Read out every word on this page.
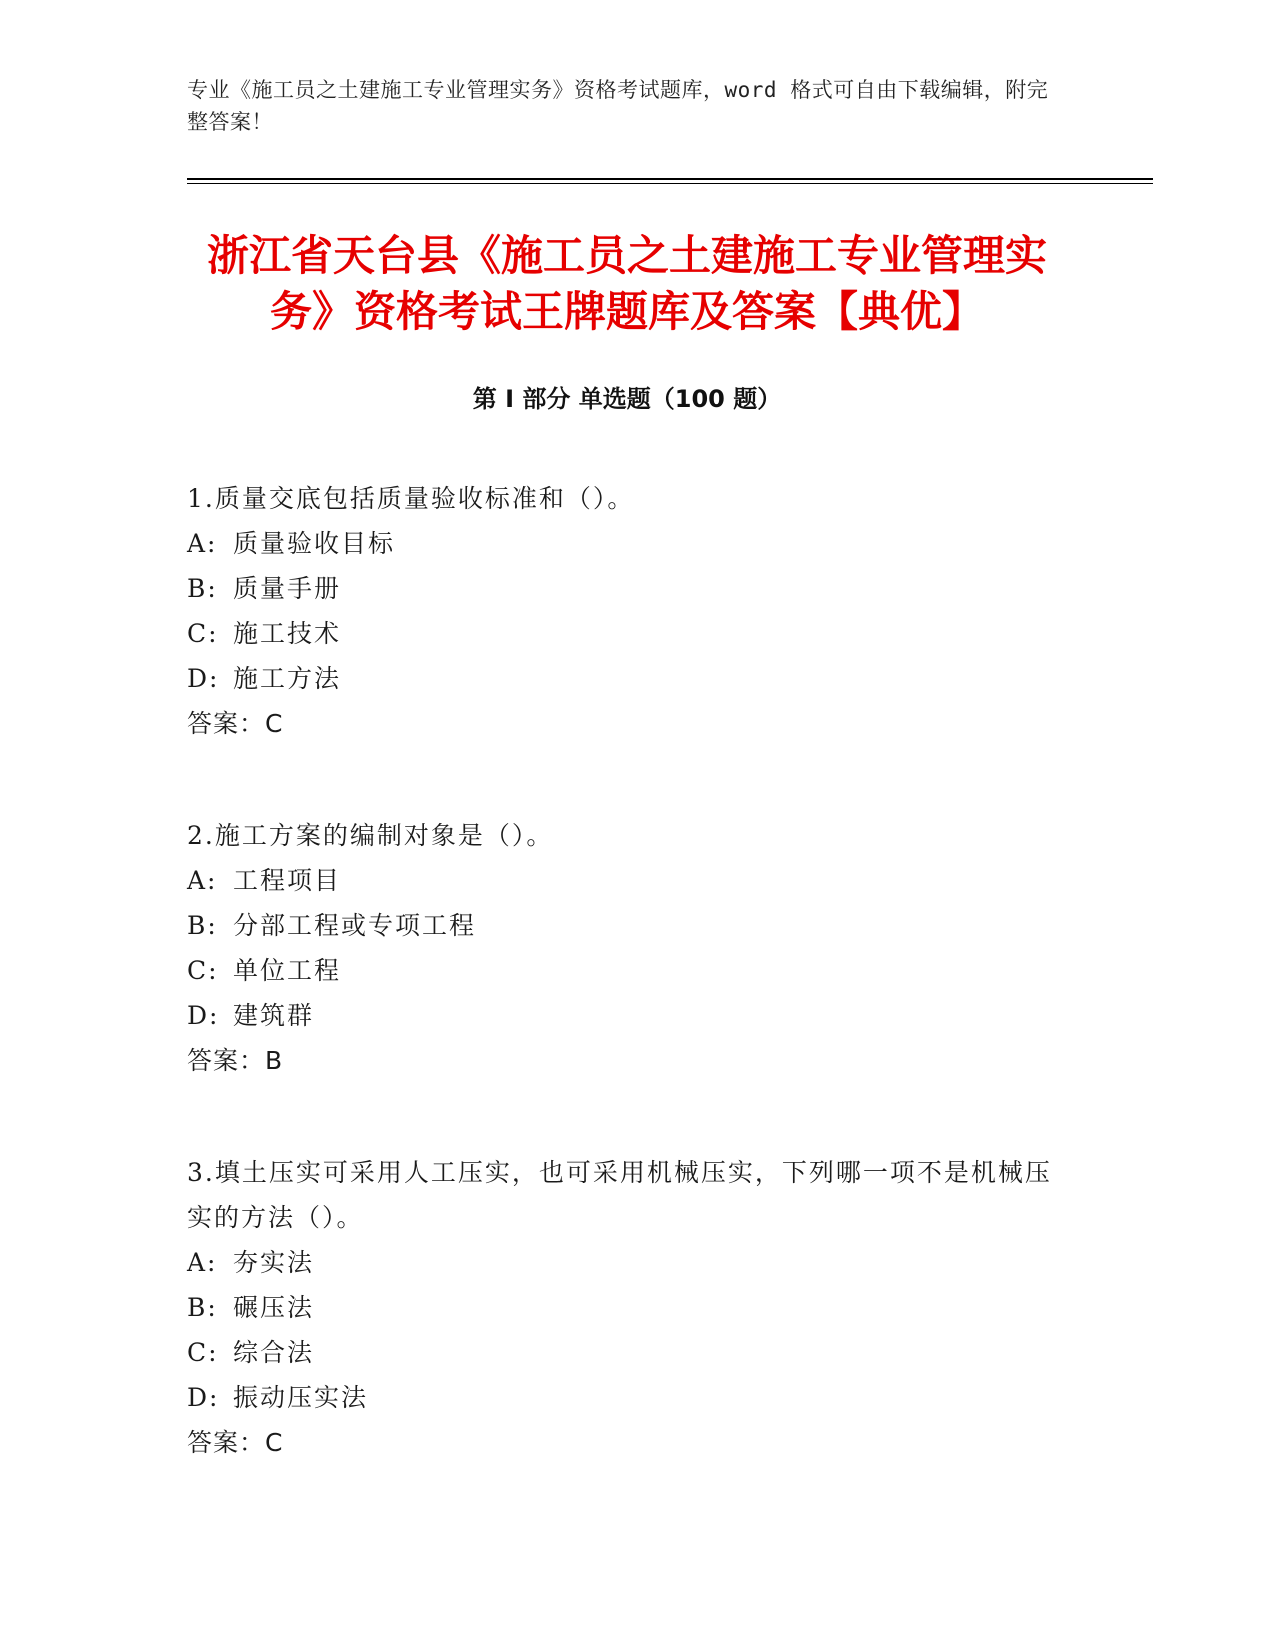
专业《施工员之土建施工专业管理实务》资格考试题库，word 格式可自由下载编辑，附完整答案！
浙江省天台县《施工员之土建施工专业管理实务》资格考试王牌题库及答案【典优】
第 I 部分 单选题（100 题）
1.质量交底包括质量验收标准和（）。
A: 质量验收目标
B: 质量手册
C: 施工技术
D: 施工方法
答案：C
2.施工方案的编制对象是（）。
A: 工程项目
B: 分部工程或专项工程
C: 单位工程
D: 建筑群
答案：B
3.填土压实可采用人工压实，也可采用机械压实，下列哪一项不是机械压实的方法（）。
A: 夯实法
B: 碾压法
C: 综合法
D: 振动压实法
答案：C
